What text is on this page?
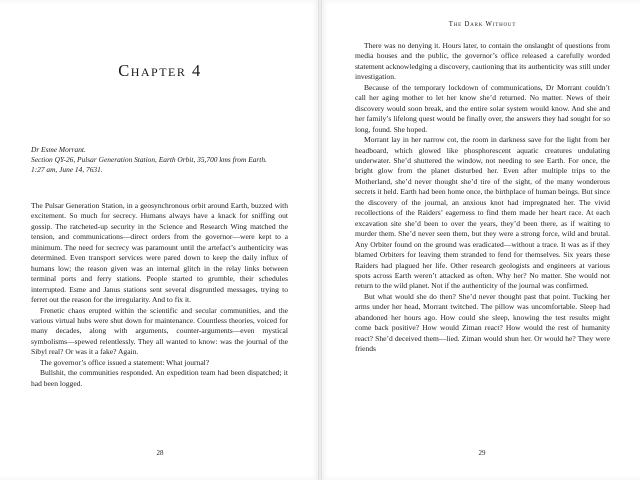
Chapter 4
Dr Esme Morrant.
Section QY-26, Pulsar Generation Station, Earth Orbit, 35,700 kms from Earth.
1:27 am, June 14, 7631.

The Pulsar Generation Station, in a geosynchronous orbit around Earth, buzzed with excitement. So much for secrecy. Humans always have a knack for sniffing out gossip. The ratcheted-up security in the Science and Research Wing matched the tension, and communications—direct orders from the governor—were kept to a minimum. The need for secrecy was paramount until the artefact’s authenticity was determined. Even transport services were pared down to keep the daily influx of humans low; the reason given was an internal glitch in the relay links between terminal ports and ferry stations. People started to grumble, their schedules interrupted. Esme and Janus stations sent several disgruntled messages, trying to ferret out the reason for the irregularity. And to fix it.

Frenetic chaos erupted within the scientific and secular communities, and the various virtual hubs were shut down for maintenance. Countless theories, voiced for many decades, along with arguments, counter-arguments—even mystical symbolisms—spewed relentlessly. They all wanted to know: was the journal of the Sibyl real? Or was it a fake? Again.

The governor’s office issued a statement: What journal?

Bullshit, the communities responded. An expedition team had been dispatched; it had been logged.

28
The Dark Without

There was no denying it. Hours later, to contain the onslaught of questions from media houses and the public, the governor’s office released a carefully worded statement acknowledging a discovery, cautioning that its authenticity was still under investigation.

Because of the temporary lockdown of communications, Dr Morrant couldn’t call her aging mother to let her know she’d returned. No matter. News of their discovery would soon break, and the entire solar system would know. And she and her family’s lifelong quest would be finally over, the answers they had sought for so long, found. She hoped.

Morrant lay in her narrow cot, the room in darkness save for the light from her headboard, which glowed like phosphorescent aquatic creatures undulating underwater. She’d shuttered the window, not needing to see Earth. For once, the bright glow from the planet disturbed her. Even after multiple trips to the Motherland, she’d never thought she’d tire of the sight, of the many wonderous secrets it held. Earth had been home once, the birthplace of human beings. But since the discovery of the journal, an anxious knot had impregnated her. The vivid recollections of the Raiders’ eagerness to find them made her heart race. At each excavation site she’d been to over the years, they’d been there, as if waiting to murder them. She’d never seen them, but they were a strong force, wild and brutal. Any Orbiter found on the ground was eradicated—without a trace. It was as if they blamed Orbiters for leaving them stranded to fend for themselves. Six years these Raiders had plagued her life. Other research geologists and engineers at various spots across Earth weren’t attacked as often. Why her? No matter. She would not return to the wild planet. Not if the authenticity of the journal was confirmed.

But what would she do then? She’d never thought past that point. Tucking her arms under her head, Morrant twitched. The pillow was uncomfortable. Sleep had abandoned her hours ago. How could she sleep, knowing the test results might come back positive? How would Ziman react? How would the rest of humanity react? She’d deceived them—lied. Ziman would shun her. Or would he? They were friends

29
